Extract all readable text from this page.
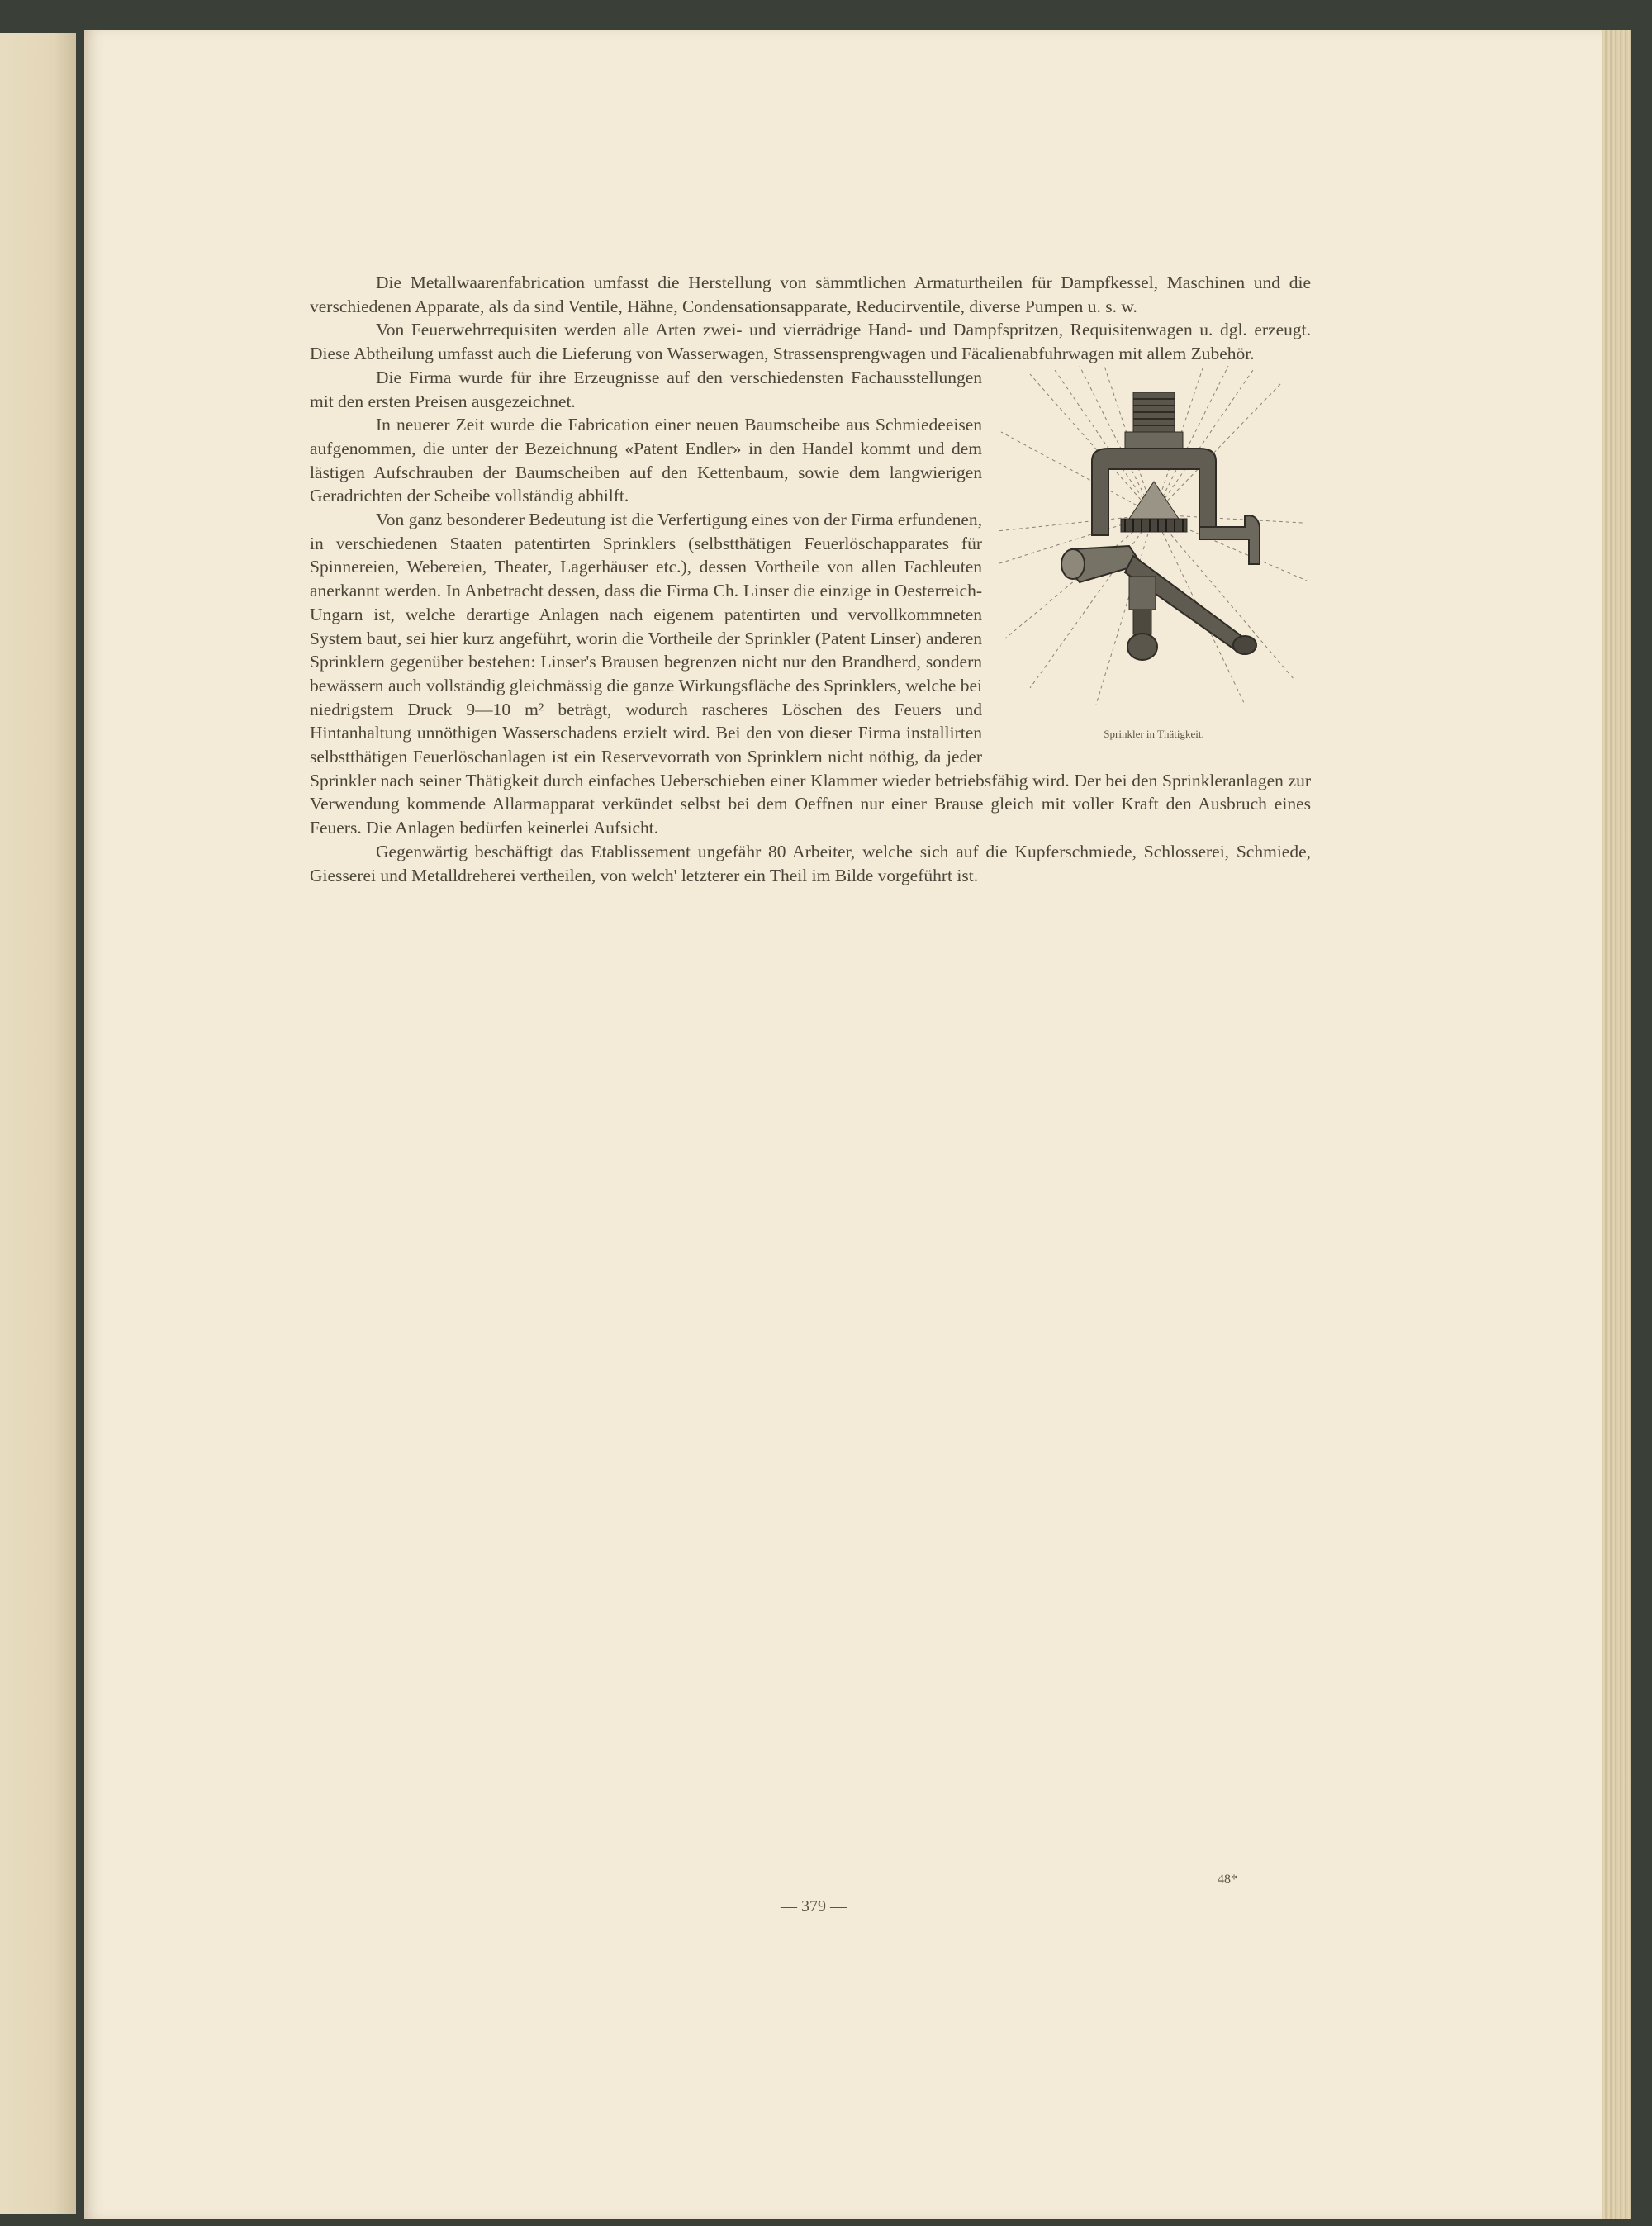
Die Metallwaarenfabrication umfasst die Herstellung von sämmtlichen Armaturtheilen für Dampfkessel, Maschinen und die verschiedenen Apparate, als da sind Ventile, Hähne, Condensationsapparate, Reducirventile, diverse Pumpen u. s. w.

Von Feuerwehrrequisiten werden alle Arten zwei- und vierrädrige Hand- und Dampfspritzen, Requisitenwagen u. dgl. erzeugt. Diese Abtheilung umfasst auch die Lieferung von Wasserwagen, Strassensprengwagen und Fäcalienabfuhrwagen mit allem Zubehör.

Sprinkler in Thätigkeit.

Die Firma wurde für ihre Erzeugnisse auf den verschiedensten Fachausstellungen mit den ersten Preisen ausgezeichnet.

In neuerer Zeit wurde die Fabrication einer neuen Baumscheibe aus Schmiedeeisen aufgenommen, die unter der Bezeichnung «Patent Endler» in den Handel kommt und dem lästigen Aufschrauben der Baumscheiben auf den Kettenbaum, sowie dem langwierigen Geradrichten der Scheibe vollständig abhilft.

Von ganz besonderer Bedeutung ist die Verfertigung eines von der Firma erfundenen, in verschiedenen Staaten patentirten Sprinklers (selbstthätigen Feuerlöschapparates für Spinnereien, Webereien, Theater, Lagerhäuser etc.), dessen Vortheile von allen Fachleuten anerkannt werden. In Anbetracht dessen, dass die Firma Ch. Linser die einzige in Oesterreich-Ungarn ist, welche derartige Anlagen nach eigenem patentirten und vervollkommneten System baut, sei hier kurz angeführt, worin die Vortheile der Sprinkler (Patent Linser) anderen Sprinklern gegenüber bestehen: Linser's Brausen begrenzen nicht nur den Brandherd, sondern bewässern auch vollständig gleichmässig die ganze Wirkungsfläche des Sprinklers, welche bei niedrigstem Druck 9—10 m² beträgt, wodurch rascheres Löschen des Feuers und Hintanhaltung unnöthigen Wasserschadens erzielt wird. Bei den von dieser Firma installirten selbstthätigen Feuerlöschanlagen ist ein Reservevorrath von Sprinklern nicht nöthig, da jeder Sprinkler nach seiner Thätigkeit durch einfaches Ueberschieben einer Klammer wieder betriebsfähig wird. Der bei den Sprinkleranlagen zur Verwendung kommende Allarmapparat verkündet selbst bei dem Oeffnen nur einer Brause gleich mit voller Kraft den Ausbruch eines Feuers. Die Anlagen bedürfen keinerlei Aufsicht.

Gegenwärtig beschäftigt das Etablissement ungefähr 80 Arbeiter, welche sich auf die Kupferschmiede, Schlosserei, Schmiede, Giesserei und Metalldreherei vertheilen, von welch' letzterer ein Theil im Bilde vorgeführt ist.

48*
— 379 —
